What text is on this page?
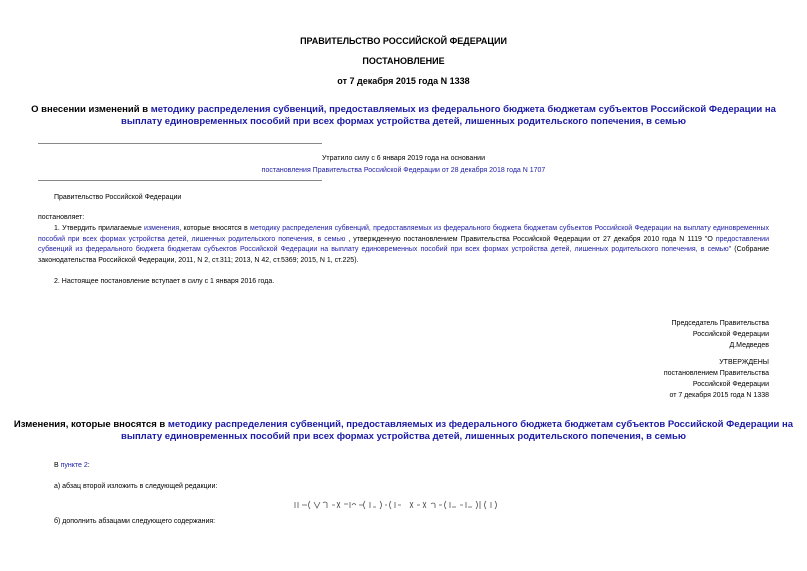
ПРАВИТЕЛЬСТВО РОССИЙСКОЙ ФЕДЕРАЦИИ
ПОСТАНОВЛЕНИЕ
от 7 декабря 2015 года N 1338
О внесении изменений в методику распределения субвенций, предоставляемых из федерального бюджета бюджетам субъектов Российской Федерации на
выплату единовременных пособий при всех формах устройства детей, лишенных родительского попечения, в семью
Утратило силу с 6 января 2019 года на основании
постановления Правительства Российской Федерации от 28 декабря 2018 года N 1707
Правительство Российской Федерации
постановляет:
1. Утвердить прилагаемые изменения, которые вносятся в методику распределения субвенций, предоставляемых из федерального бюджета бюджетам субъектов Российской Федерации на выплату единовременных пособий при всех формах устройства детей, лишенных родительского попечения, в семью , утвержденную постановлением Правительства Российской Федерации от 27 декабря 2010 года N 1119 "О предоставлении субвенций из федерального бюджета бюджетам субъектов Российской Федерации на выплату единовременных пособий при всех формах устройства детей, лишенных родительского попечения, в семью" (Собрание законодательства Российской Федерации, 2011, N 2, ст.311; 2013, N 42, ст.5369; 2015, N 1, ст.225).
2. Настоящее постановление вступает в силу с 1 января 2016 года.
Председатель Правительства
Российской Федерации
Д.Медведев
УТВЕРЖДЕНЫ
постановлением Правительства
Российской Федерации
от 7 декабря 2015 года N 1338
Изменения, которые вносятся в методику распределения субвенций, предоставляемых из федерального бюджета бюджетам субъектов Российской Федерации на
выплату единовременных пособий при всех формах устройства детей, лишенных родительского попечения, в семью
В пункте 2:
а) абзац второй изложить в следующей редакции:
б) дополнить абзацами следующего содержания:
